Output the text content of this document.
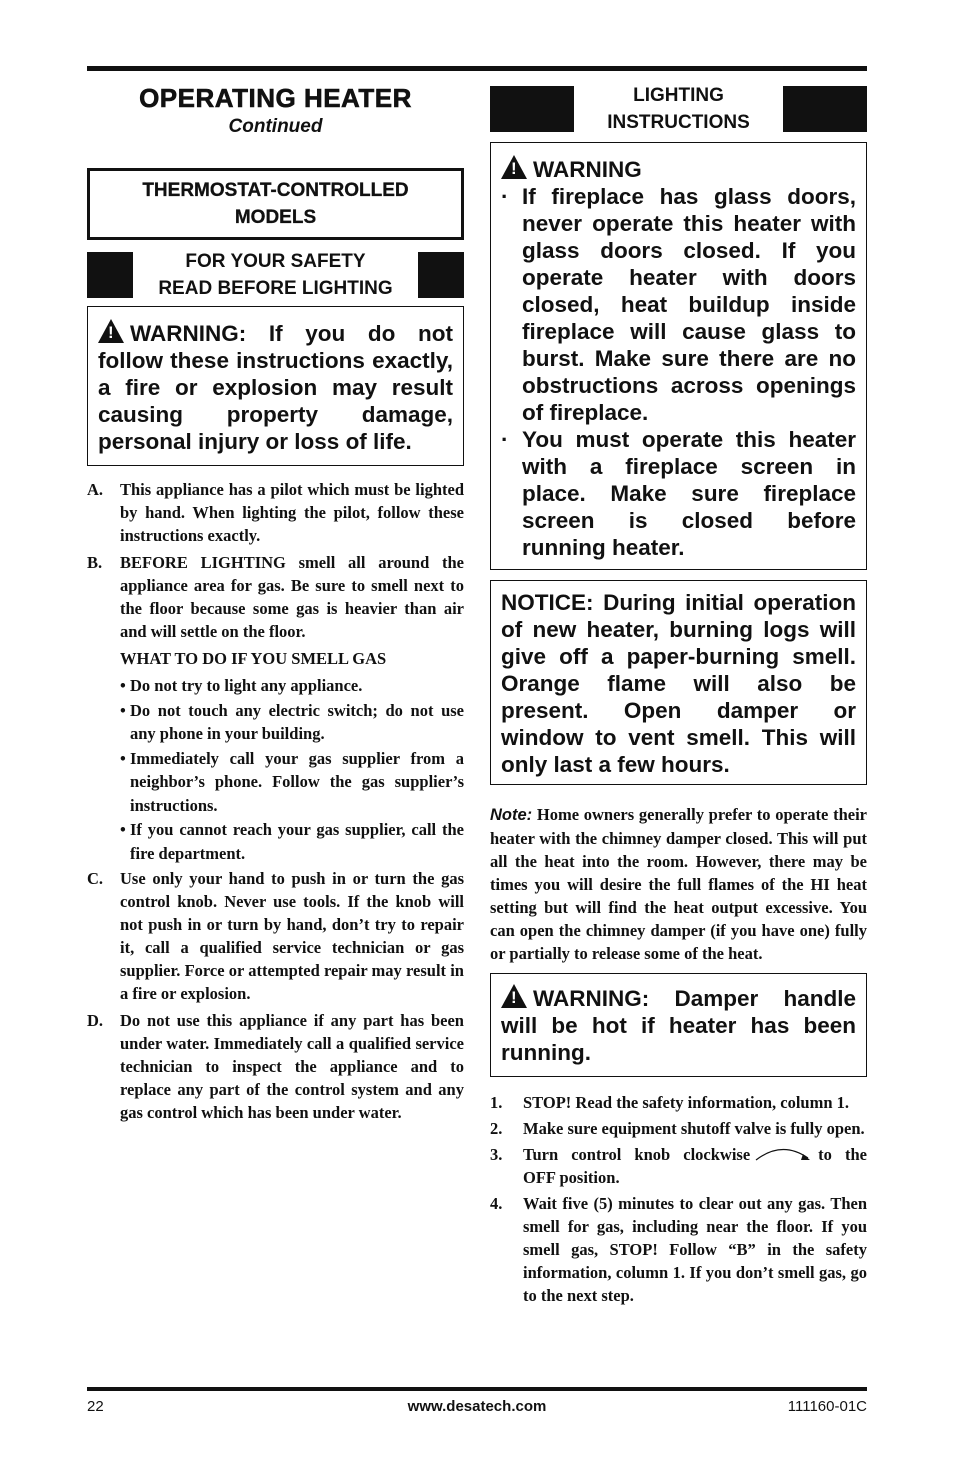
OPERATING HEATER
Continued
THERMOSTAT-CONTROLLED
MODELS
FOR YOUR SAFETY
READ BEFORE LIGHTING
!WARNING: If you do not follow these instructions exactly, a fire or explosion may result causing property damage, personal injury or loss of life.
A.	This appliance has a pilot which must be lighted by hand. When lighting the pilot, follow these instructions exactly.
B.	BEFORE LIGHTING smell all around the appliance area for gas. Be sure to smell next to the floor because some gas is heavier than air and will settle on the floor.
WHAT TO DO IF YOU SMELL GAS
• Do not try to light any appliance.
• Do not touch any electric switch; do not use any phone in your building.
• Immediately call your gas supplier from a neighbor’s phone. Follow the gas supplier’s instructions.
• If you cannot reach your gas supplier, call the fire department.
C.	Use only your hand to push in or turn the gas control knob. Never use tools. If the knob will not push in or turn by hand, don’t try to repair it, call a qualified service technician or gas supplier. Force or attempted repair may result in a fire or explosion.
D.	Do not use this appliance if any part has been under water. Immediately call a qualified service technician to inspect the appliance and to replace any part of the control system and any gas control which has been under water.
LIGHTING
INSTRUCTIONS
!WARNING
· If fireplace has glass doors, never operate this heater with glass doors closed. If you operate heater with doors closed, heat buildup inside fireplace will cause glass to burst. Make sure there are no obstructions across openings of fireplace.
· You must operate this heater with a fireplace screen in place. Make sure fireplace screen is closed before running heater.
NOTICE: During initial operation of new heater, burning logs will give off a paper-burning smell. Orange flame will also be present. Open damper or window to vent smell. This will only last a few hours.
Note: Home owners generally prefer to operate their heater with the chimney damper closed. This will put all the heat into the room. However, there may be times you will desire the full flames of the HI heat setting but will find the heat output excessive. You can open the chimney damper (if you have one) fully or partially to release some of the heat.
!WARNING: Damper handle will be hot if heater has been running.
1.	STOP! Read the safety information, column 1.
2.	Make sure equipment shutoff valve is fully open.
3.	Turn control knob clockwise	to the OFF position.
4.	Wait five (5) minutes to clear out any gas. Then smell for gas, including near the floor. If you smell gas, STOP! Follow “B” in the safety information, column 1. If you don’t smell gas, go to the next step.
www.desatech.com
22	111160-01C
